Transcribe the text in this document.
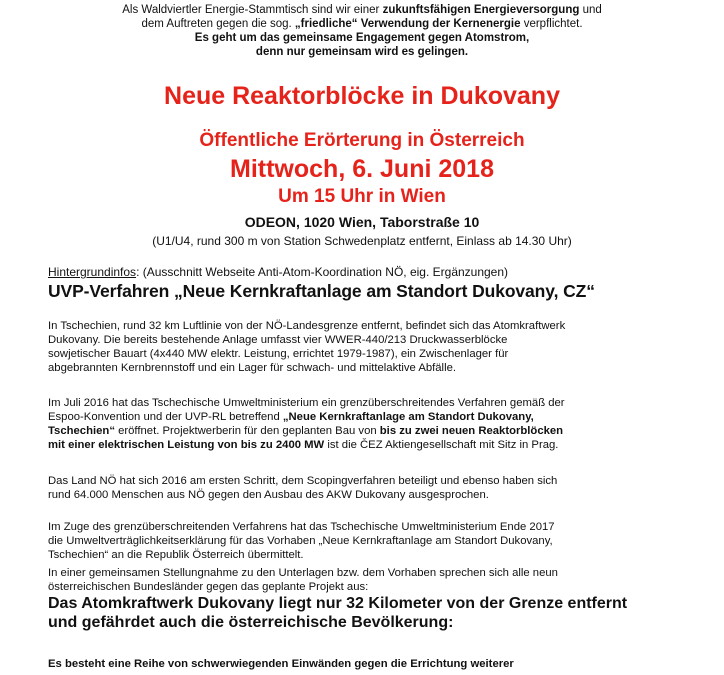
Als Waldviertler Energie-Stammtisch sind wir einer zukunftsfähigen Energieversorgung und
dem Auftreten gegen die sog. „friedliche“ Verwendung der Kernenergie verpflichtet.
Es geht um das gemeinsame Engagement gegen Atomstrom,
denn nur gemeinsam wird es gelingen.
Neue Reaktorblöcke in Dukovany
Öffentliche Erörterung in Österreich
Mittwoch, 6. Juni 2018
Um 15 Uhr in Wien
ODEON, 1020 Wien, Taborstraße 10
(U1/U4, rund 300 m von Station Schwedenplatz entfernt, Einlass ab 14.30 Uhr)
Hintergrundinfos: (Ausschnitt Webseite Anti-Atom-Koordination NÖ, eig. Ergänzungen)
UVP-Verfahren „Neue Kernkraftanlage am Standort Dukovany, CZ“
In Tschechien, rund 32 km Luftlinie von der NÖ-Landesgrenze entfernt, befindet sich das Atomkraftwerk
Dukovany. Die bereits bestehende Anlage umfasst vier WWER-440/213 Druckwasserblöcke
sowjetischer Bauart (4x440 MW elektr. Leistung, errichtet 1979-1987), ein Zwischenlager für
abgebrannten Kernbrennstoff und ein Lager für schwach- und mittelaktive Abfälle.
Im Juli 2016 hat das Tschechische Umweltministerium ein grenzüberschreitendes Verfahren gemäß der
Espoo-Konvention und der UVP-RL betreffend „Neue Kernkraftanlage am Standort Dukovany,
Tschechien“ eröffnet. Projektwerberin für den geplanten Bau von bis zu zwei neuen Reaktorblöcken
mit einer elektrischen Leistung von bis zu 2400 MW ist die ČEZ Aktiengesellschaft mit Sitz in Prag.
Das Land NÖ hat sich 2016 am ersten Schritt, dem Scopingverfahren beteiligt und ebenso haben sich
rund 64.000 Menschen aus NÖ gegen den Ausbau des AKW Dukovany ausgesprochen.
Im Zuge des grenzüberschreitenden Verfahrens hat das Tschechische Umweltministerium Ende 2017
die Umweltverträglichkeitserklärung für das Vorhaben „Neue Kernkraftanlage am Standort Dukovany,
Tschechien“ an die Republik Österreich übermittelt.
In einer gemeinsamen Stellungnahme zu den Unterlagen bzw. dem Vorhaben sprechen sich alle neun
österreichischen Bundesländer gegen das geplante Projekt aus:
Das Atomkraftwerk Dukovany liegt nur 32 Kilometer von der Grenze entfernt
und gefährdet auch die österreichische Bevölkerung:
Es besteht eine Reihe von schwerwiegenden Einwänden gegen die Errichtung weiterer
